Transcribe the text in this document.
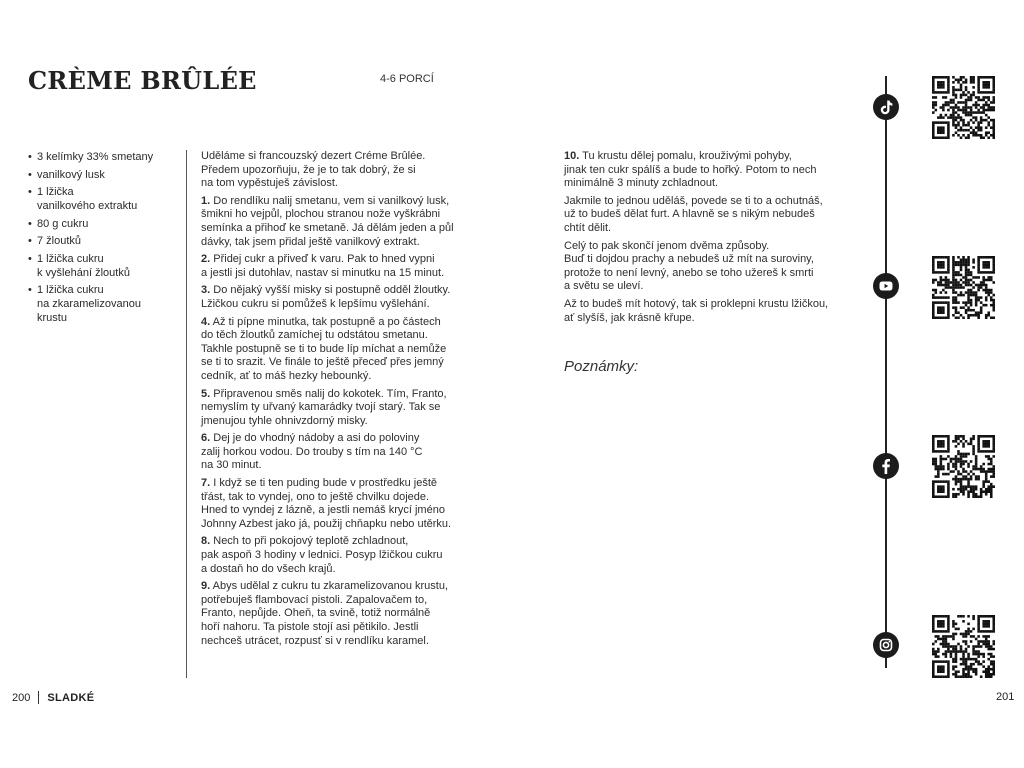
CRÈME BRÛLÉE	4-6 PORCÍ
• 3 kelímky 33% smetany
• vanilkový lusk
• 1 lžička
vanilkového extraktu
• 80 g cukru
• 7 žloutků
• 1 lžička cukru
k vyšlehání žloutků
• 1 lžička cukru
na zkaramelizovanou
krustu

Uděláme si francouzský dezert Créme Brûlée.
Předem upozorňuju, že je to tak dobrý, že si
na tom vypěstuješ závislost.

1. Do rendlíku nalij smetanu, vem si vanilkový lusk,
šmikni ho vejpůl, plochou stranou nože vyškrábni
semínka a přihoď ke smetaně. Já dělám jeden a půl
dávky, tak jsem přidal ještě vanilkový extrakt.

2. Přidej cukr a přiveď k varu. Pak to hned vypni
a jestli jsi dutohlav, nastav si minutku na 15 minut.

3. Do nějaký vyšší misky si postupně odděl žloutky.
Lžičkou cukru si pomůžeš k lepšímu vyšlehání.

4. Až ti pípne minutka, tak postupně a po částech
do těch žloutků zamíchej tu odstátou smetanu.
Takhle postupně se ti to bude líp míchat a nemůže
se ti to srazit. Ve finále to ještě přeceď přes jemný
cedník, ať to máš hezky hebounký.

5. Připravenou směs nalij do kokotek. Tím, Franto,
nemyslím ty uřvaný kamarádky tvojí starý. Tak se
jmenujou tyhle ohnivzdorný misky.

6. Dej je do vhodný nádoby a asi do poloviny
zalij horkou vodou. Do trouby s tím na 140 °C
na 30 minut.

7. I když se ti ten puding bude v prostředku ještě
třást, tak to vyndej, ono to ještě chvilku dojede.
Hned to vyndej z lázně, a jestli nemáš krycí jméno
Johnny Azbest jako já, použij chňapku nebo utěrku.

8. Nech to při pokojový teplotě zchladnout,
pak aspoň 3 hodiny v lednici. Posyp lžičkou cukru
a dostaň ho do všech krajů.

9. Abys udělal z cukru tu zkaramelizovanou krustu,
potřebuješ flambovací pistoli. Zapalovačem to,
Franto, nepůjde. Oheň, ta svině, totiž normálně
hoří nahoru. Ta pistole stojí asi pětikilo. Jestli
nechceš utrácet, rozpusť si v rendlíku karamel.

10. Tu krustu dělej pomalu, krouživými pohyby,
jinak ten cukr spálíš a bude to hořký. Potom to nech
minimálně 3 minuty zchladnout.

Jakmile to jednou uděláš, povede se ti to a ochutnáš,
už to budeš dělat furt. A hlavně se s nikým nebudeš
chtít dělit.

Celý to pak skončí jenom dvěma způsoby.
Buď ti dojdou prachy a nebudeš už mít na suroviny,
protože to není levný, anebo se toho užereš k smrti
a světu se uleví.

Až to budeš mít hotový, tak si proklepni krustu lžičkou,
ať slyšíš, jak krásně křupe.

Poznámky:
200 SLADKÉ	201
